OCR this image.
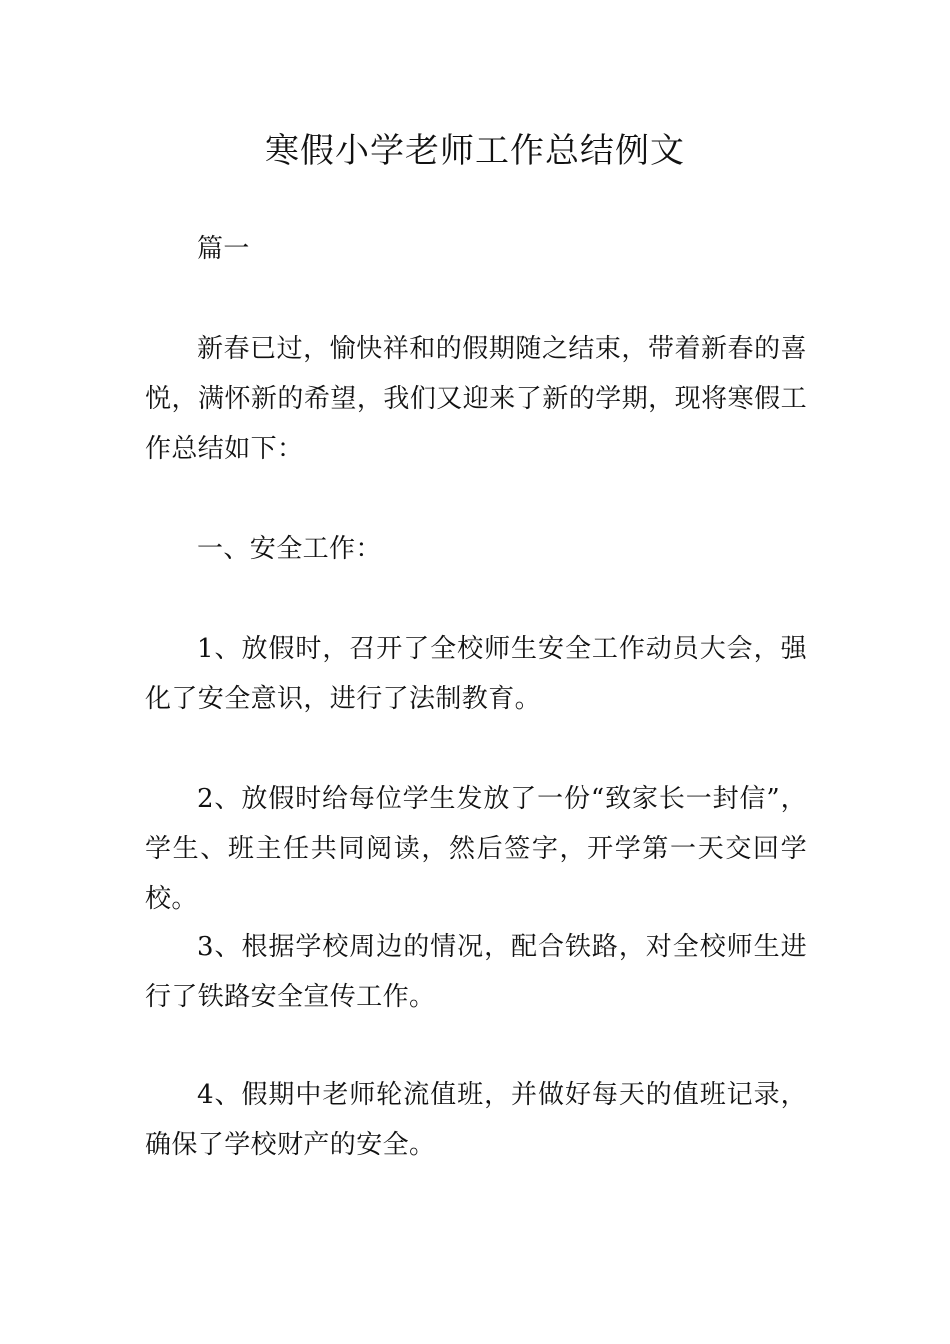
寒假小学老师工作总结例文

篇一

新春已过，愉快祥和的假期随之结束，带着新春的喜悦，满怀新的希望，我们又迎来了新的学期，现将寒假工作总结如下：

一、安全工作：

1、放假时，召开了全校师生安全工作动员大会，强化了安全意识，进行了法制教育。

2、放假时给每位学生发放了一份“致家长一封信”，学生、班主任共同阅读，然后签字，开学第一天交回学校。

3、根据学校周边的情况，配合铁路，对全校师生进行了铁路安全宣传工作。

4、假期中老师轮流值班，并做好每天的值班记录，确保了学校财产的安全。
